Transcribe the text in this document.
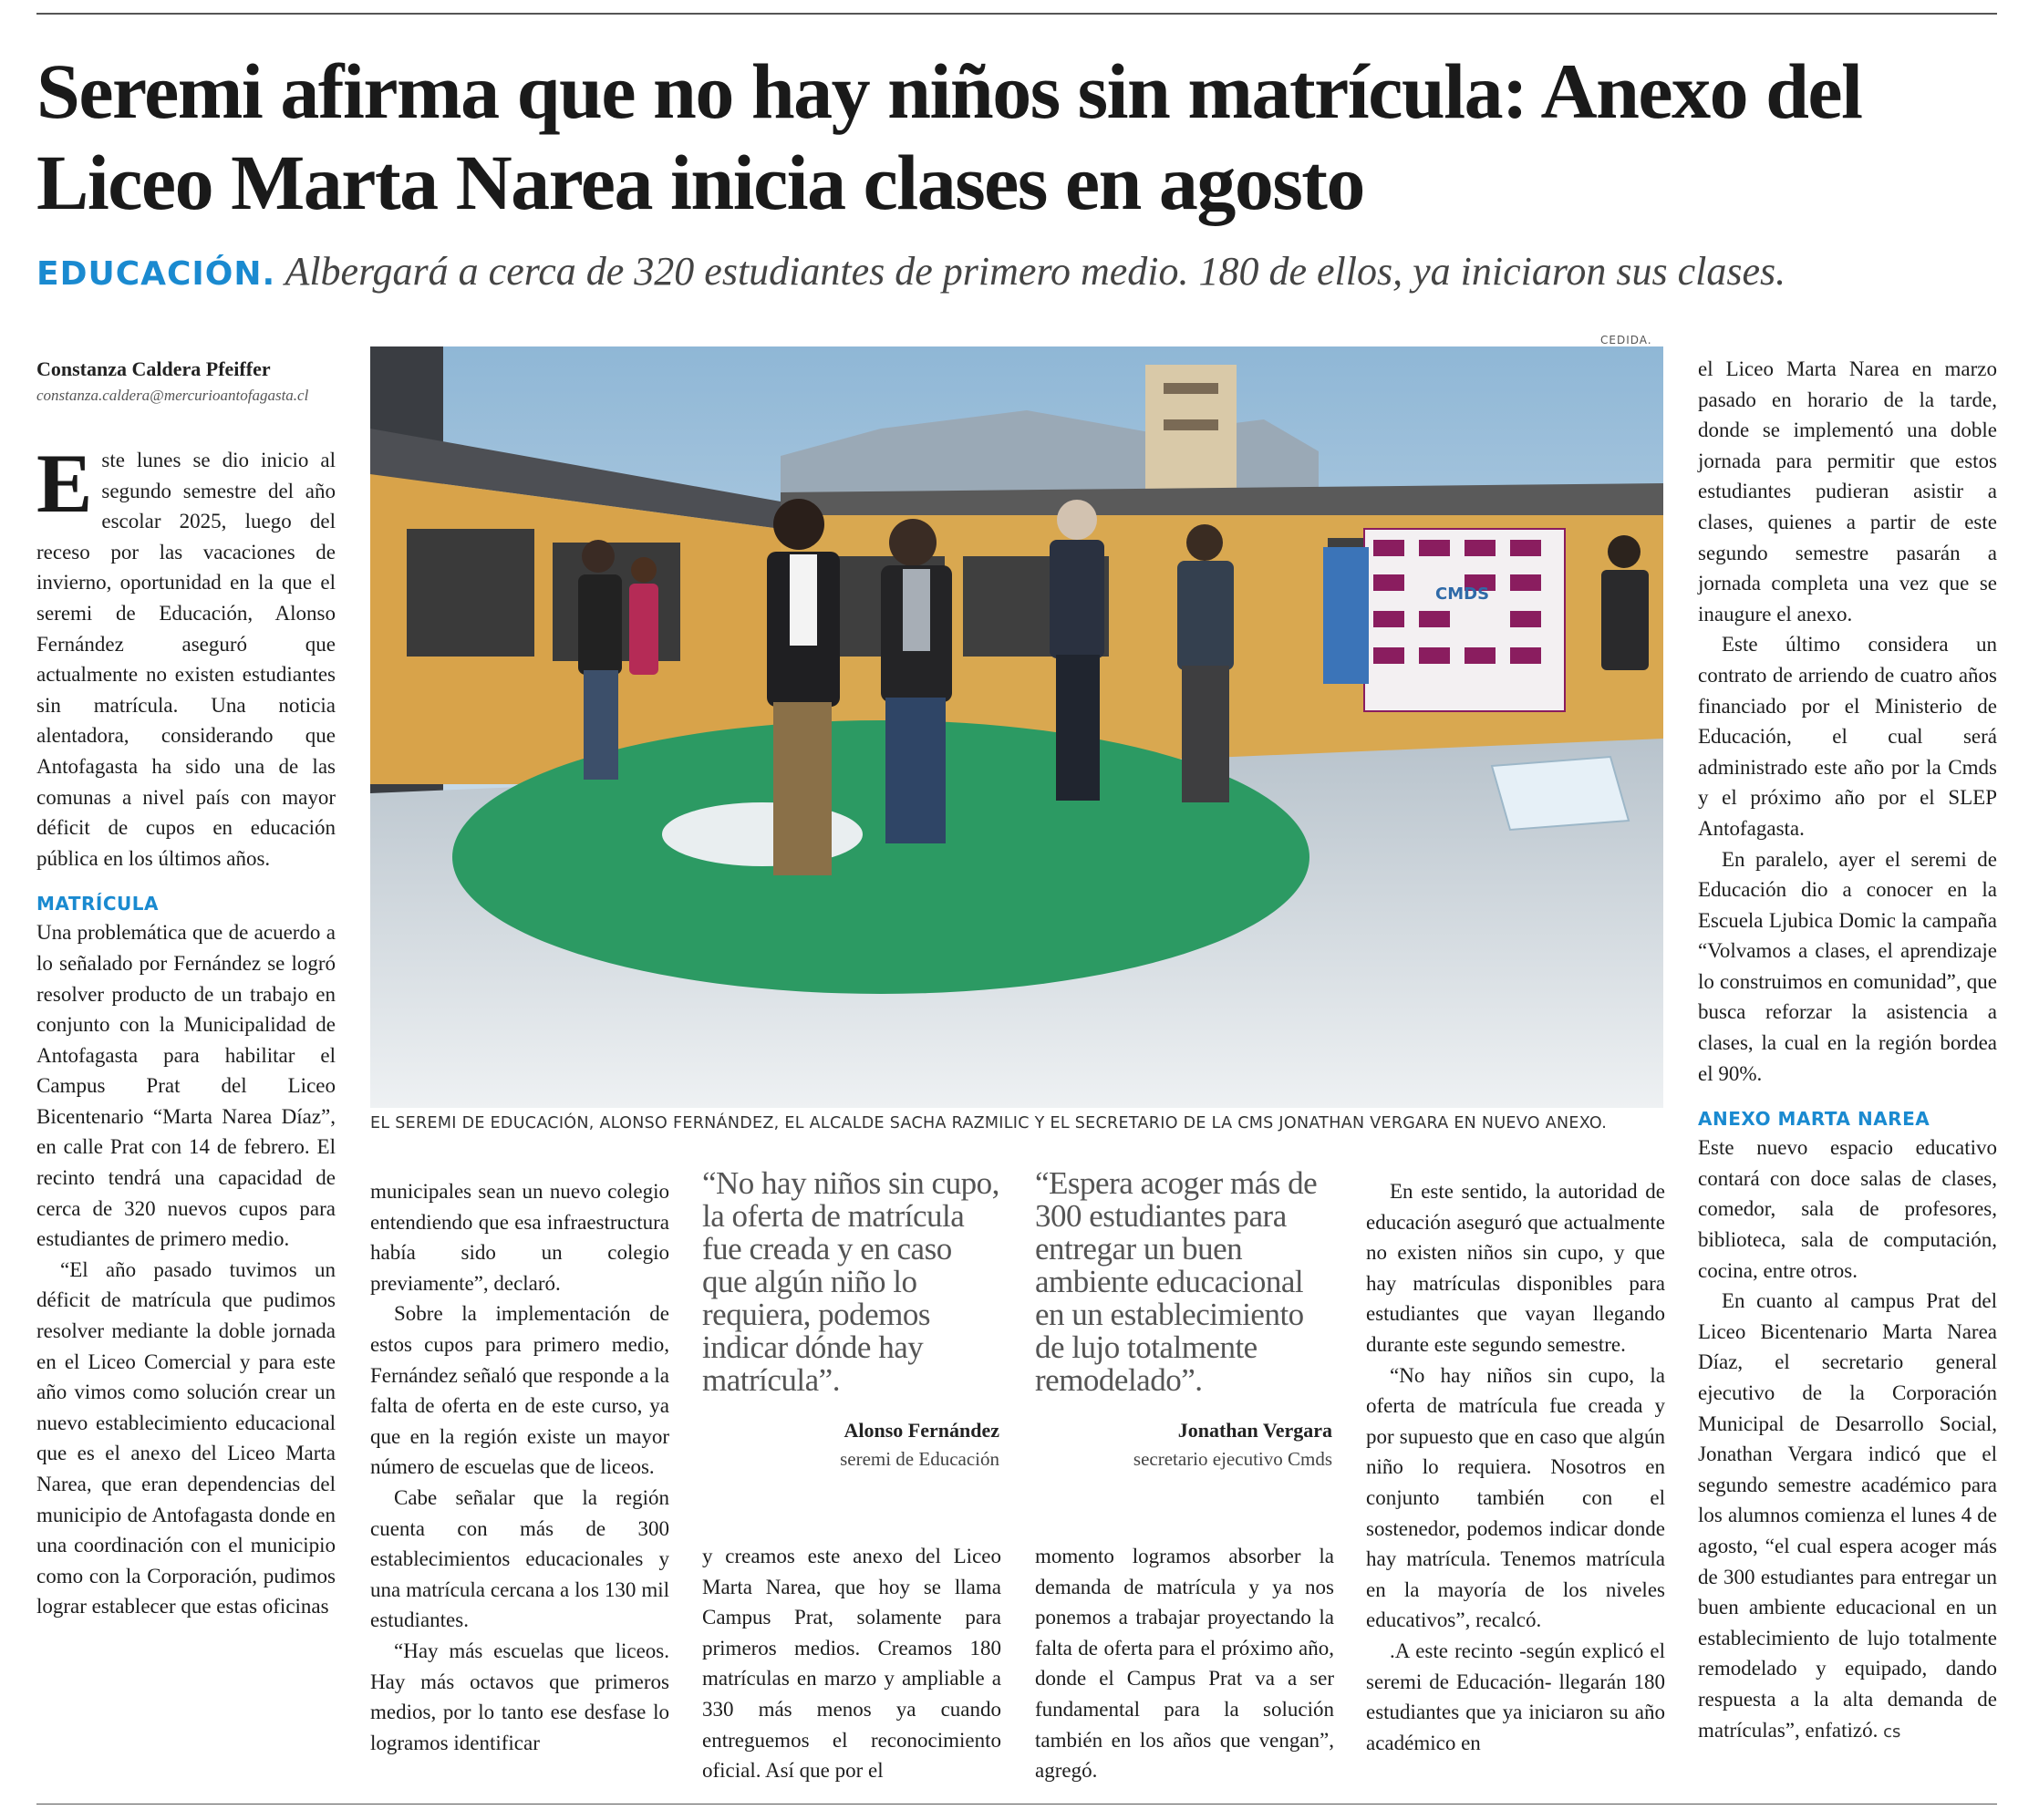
Seremi afirma que no hay niños sin matrícula: Anexo del Liceo Marta Narea inicia clases en agosto
EDUCACIÓN. Albergará a cerca de 320 estudiantes de primero medio. 180 de ellos, ya iniciaron sus clases.
Constanza Caldera Pfeiffer
constanza.caldera@mercurioantofagasta.cl

Este lunes se dio inicio al segundo semestre del año escolar 2025, luego del receso por las vacaciones de invierno, oportunidad en la que el seremi de Educación, Alonso Fernández aseguró que actualmente no existen estudiantes sin matrícula. Una noticia alentadora, considerando que Antofagasta ha sido una de las comunas a nivel país con mayor déficit de cupos en educación pública en los últimos años.

MATRÍCULA

Una problemática que de acuerdo a lo señalado por Fernández se logró resolver producto de un trabajo en conjunto con la Municipalidad de Antofagasta para habilitar el Campus Prat del Liceo Bicentenario “Marta Narea Díaz”, en calle Prat con 14 de febrero. El recinto tendrá una capacidad de cerca de 320 nuevos cupos para estudiantes de primero medio.

“El año pasado tuvimos un déficit de matrícula que pudimos resolver mediante la doble jornada en el Liceo Comercial y para este año vimos como solución crear un nuevo establecimiento educacional que es el anexo del Liceo Marta Narea, que eran dependencias del municipio de Antofagasta donde en una coordinación con el municipio como con la Corporación, pudimos lograr establecer que estas oficinas

CEDIDA.
CMDS
EL SEREMI DE EDUCACIÓN, ALONSO FERNÁNDEZ, EL ALCALDE SACHA RAZMILIC Y EL SECRETARIO DE LA CMS JONATHAN VERGARA EN NUEVO ANEXO.

municipales sean un nuevo colegio entendiendo que esa infraestructura había sido un colegio previamente”, declaró.

Sobre la implementación de estos cupos para primero medio, Fernández señaló que responde a la falta de oferta en de este curso, ya que en la región existe un mayor número de escuelas que de liceos.

Cabe señalar que la región cuenta con más de 300 establecimientos educacionales y una matrícula cercana a los 130 mil estudiantes.

“Hay más escuelas que liceos. Hay más octavos que primeros medios, por lo tanto ese desfase lo logramos identificar

“No hay niños sin cupo, la oferta de matrícula fue creada y en caso que algún niño lo requiera, podemos indicar dónde hay matrícula”.
Alonso Fernández
seremi de Educación

y creamos este anexo del Liceo Marta Narea, que hoy se llama Campus Prat, solamente para primeros medios. Creamos 180 matrículas en marzo y ampliable a 330 más menos ya cuando entreguemos el reconocimiento oficial. Así que por el

“Espera acoger más de 300 estudiantes para entregar un buen ambiente educacional en un establecimiento de lujo totalmente remodelado”.
Jonathan Vergara
secretario ejecutivo Cmds

momento logramos absorber la demanda de matrícula y ya nos ponemos a trabajar proyectando la falta de oferta para el próximo año, donde el Campus Prat va a ser fundamental para la solución también en los años que vengan”, agregó.

En este sentido, la autoridad de educación aseguró que actualmente no existen niños sin cupo, y que hay matrículas disponibles para estudiantes que vayan llegando durante este segundo semestre.

“No hay niños sin cupo, la oferta de matrícula fue creada y por supuesto que en caso que algún niño lo requiera. Nosotros en conjunto también con el sostenedor, podemos indicar donde hay matrícula. Tenemos matrícula en la mayoría de los niveles educativos”, recalcó.

.A este recinto -según explicó el seremi de Educación- llegarán 180 estudiantes que ya iniciaron su año académico en

el Liceo Marta Narea en marzo pasado en horario de la tarde, donde se implementó una doble jornada para permitir que estos estudiantes pudieran asistir a clases, quienes a partir de este segundo semestre pasarán a jornada completa una vez que se inaugure el anexo.

Este último considera un contrato de arriendo de cuatro años financiado por el Ministerio de Educación, el cual será administrado este año por la Cmds y el próximo año por el SLEP Antofagasta.

En paralelo, ayer el seremi de Educación dio a conocer en la Escuela Ljubica Domic la campaña “Volvamos a clases, el aprendizaje lo construimos en comunidad”, que busca reforzar la asistencia a clases, la cual en la región bordea el 90%.

ANEXO MARTA NAREA

Este nuevo espacio educativo contará con doce salas de clases, comedor, sala de profesores, biblioteca, sala de computación, cocina, entre otros.

En cuanto al campus Prat del Liceo Bicentenario Marta Narea Díaz, el secretario general ejecutivo de la Corporación Municipal de Desarrollo Social, Jonathan Vergara indicó que el segundo semestre académico para los alumnos comienza el lunes 4 de agosto, “el cual espera acoger más de 300 estudiantes para entregar un buen ambiente educacional en un establecimiento de lujo totalmente remodelado y equipado, dando respuesta a la alta demanda de matrículas”, enfatizó. cs
